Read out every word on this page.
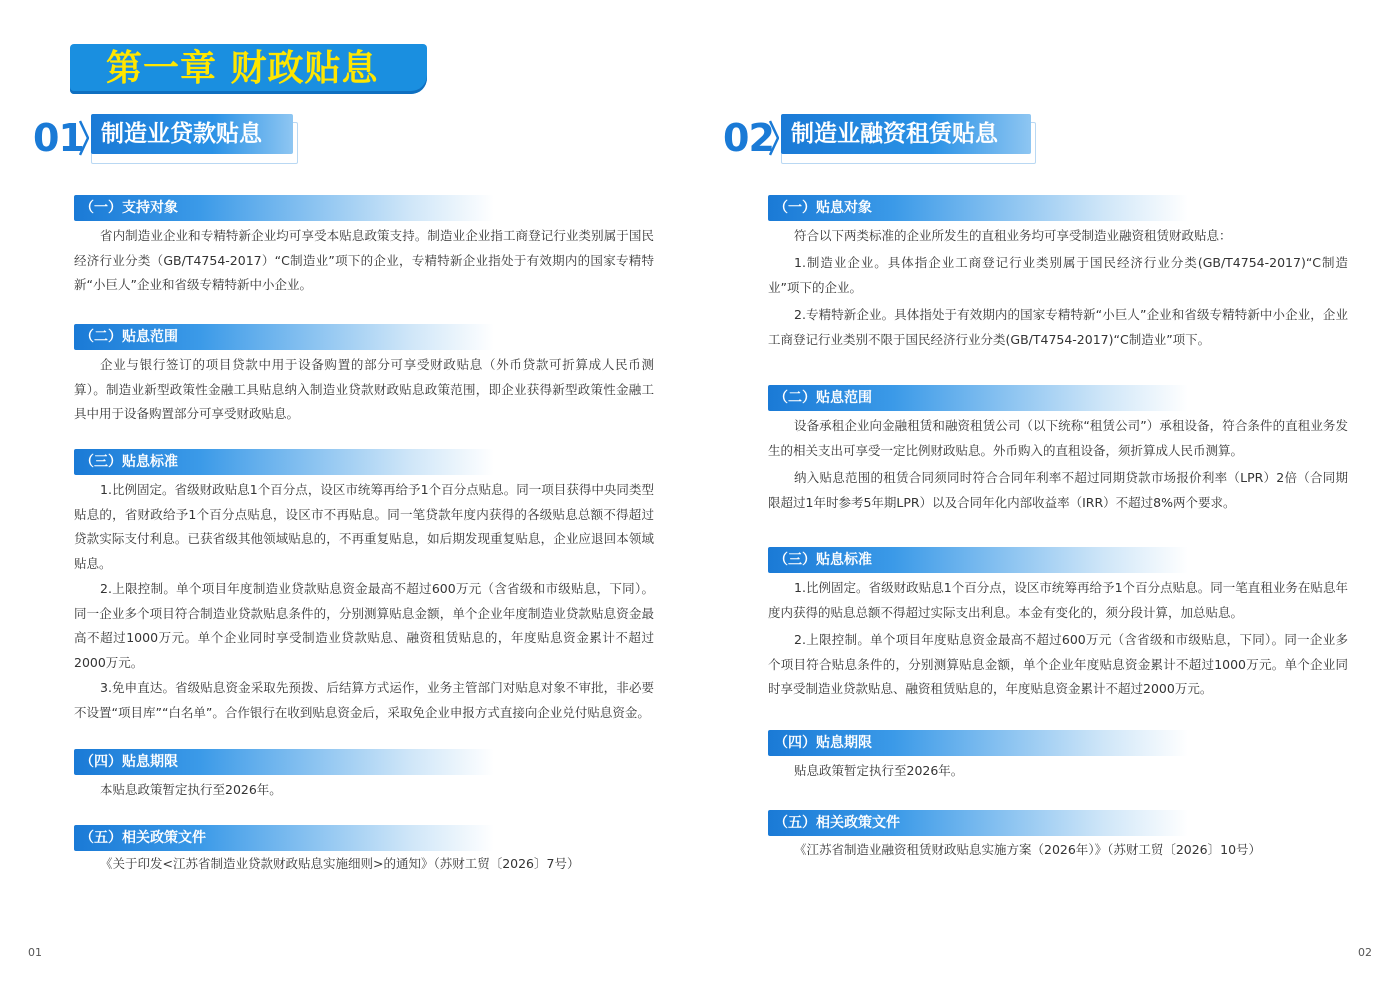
第一章 财政贴息
01 制造业贷款贴息
（一）支持对象
省内制造业企业和专精特新企业均可享受本贴息政策支持。制造业企业指工商登记行业类别属于国民经济行业分类（GB/T4754-2017）“C制造业”项下的企业，专精特新企业指处于有效期内的国家专精特新“小巨人”企业和省级专精特新中小企业。
（二）贴息范围
企业与银行签订的项目贷款中用于设备购置的部分可享受财政贴息（外币贷款可折算成人民币测算）。制造业新型政策性金融工具贴息纳入制造业贷款财政贴息政策范围，即企业获得新型政策性金融工具中用于设备购置部分可享受财政贴息。
（三）贴息标准
1.比例固定。省级财政贴息1个百分点，设区市统筹再给予1个百分点贴息。同一项目获得中央同类型贴息的，省财政给予1个百分点贴息，设区市不再贴息。同一笔贷款年度内获得的各级贴息总额不得超过贷款实际支付利息。已获省级其他领域贴息的，不再重复贴息，如后期发现重复贴息，企业应退回本领域贴息。
2.上限控制。单个项目年度制造业贷款贴息资金最高不超过600万元（含省级和市级贴息，下同）。同一企业多个项目符合制造业贷款贴息条件的，分别测算贴息金额，单个企业年度制造业贷款贴息资金最高不超过1000万元。单个企业同时享受制造业贷款贴息、融资租赁贴息的，年度贴息资金累计不超过2000万元。
3.免申直达。省级贴息资金采取先预拨、后结算方式运作，业务主管部门对贴息对象不审批，非必要不设置“项目库”“白名单”。合作银行在收到贴息资金后，采取免企业申报方式直接向企业兑付贴息资金。
（四）贴息期限
本贴息政策暂定执行至2026年。
（五）相关政策文件
《关于印发<江苏省制造业贷款财政贴息实施细则>的通知》（苏财工贸〔2026〕7号）
01
02 制造业融资租赁贴息
（一）贴息对象
符合以下两类标准的企业所发生的直租业务均可享受制造业融资租赁财政贴息：
1.制造业企业。具体指企业工商登记行业类别属于国民经济行业分类(GB/T4754-2017)“C制造业”项下的企业。
2.专精特新企业。具体指处于有效期内的国家专精特新“小巨人”企业和省级专精特新中小企业，企业工商登记行业类别不限于国民经济行业分类(GB/T4754-2017)“C制造业”项下。
（二）贴息范围
设备承租企业向金融租赁和融资租赁公司（以下统称“租赁公司”）承租设备，符合条件的直租业务发生的相关支出可享受一定比例财政贴息。外币购入的直租设备，须折算成人民币测算。
纳入贴息范围的租赁合同须同时符合合同年利率不超过同期贷款市场报价利率（LPR）2倍（合同期限超过1年时参考5年期LPR）以及合同年化内部收益率（IRR）不超过8%两个要求。
（三）贴息标准
1.比例固定。省级财政贴息1个百分点，设区市统筹再给予1个百分点贴息。同一笔直租业务在贴息年度内获得的贴息总额不得超过实际支出利息。本金有变化的，须分段计算，加总贴息。
2.上限控制。单个项目年度贴息资金最高不超过600万元（含省级和市级贴息，下同）。同一企业多个项目符合贴息条件的，分别测算贴息金额，单个企业年度贴息资金累计不超过1000万元。单个企业同时享受制造业贷款贴息、融资租赁贴息的，年度贴息资金累计不超过2000万元。
（四）贴息期限
贴息政策暂定执行至2026年。
（五）相关政策文件
《江苏省制造业融资租赁财政贴息实施方案（2026年）》（苏财工贸〔2026〕10号）
02
